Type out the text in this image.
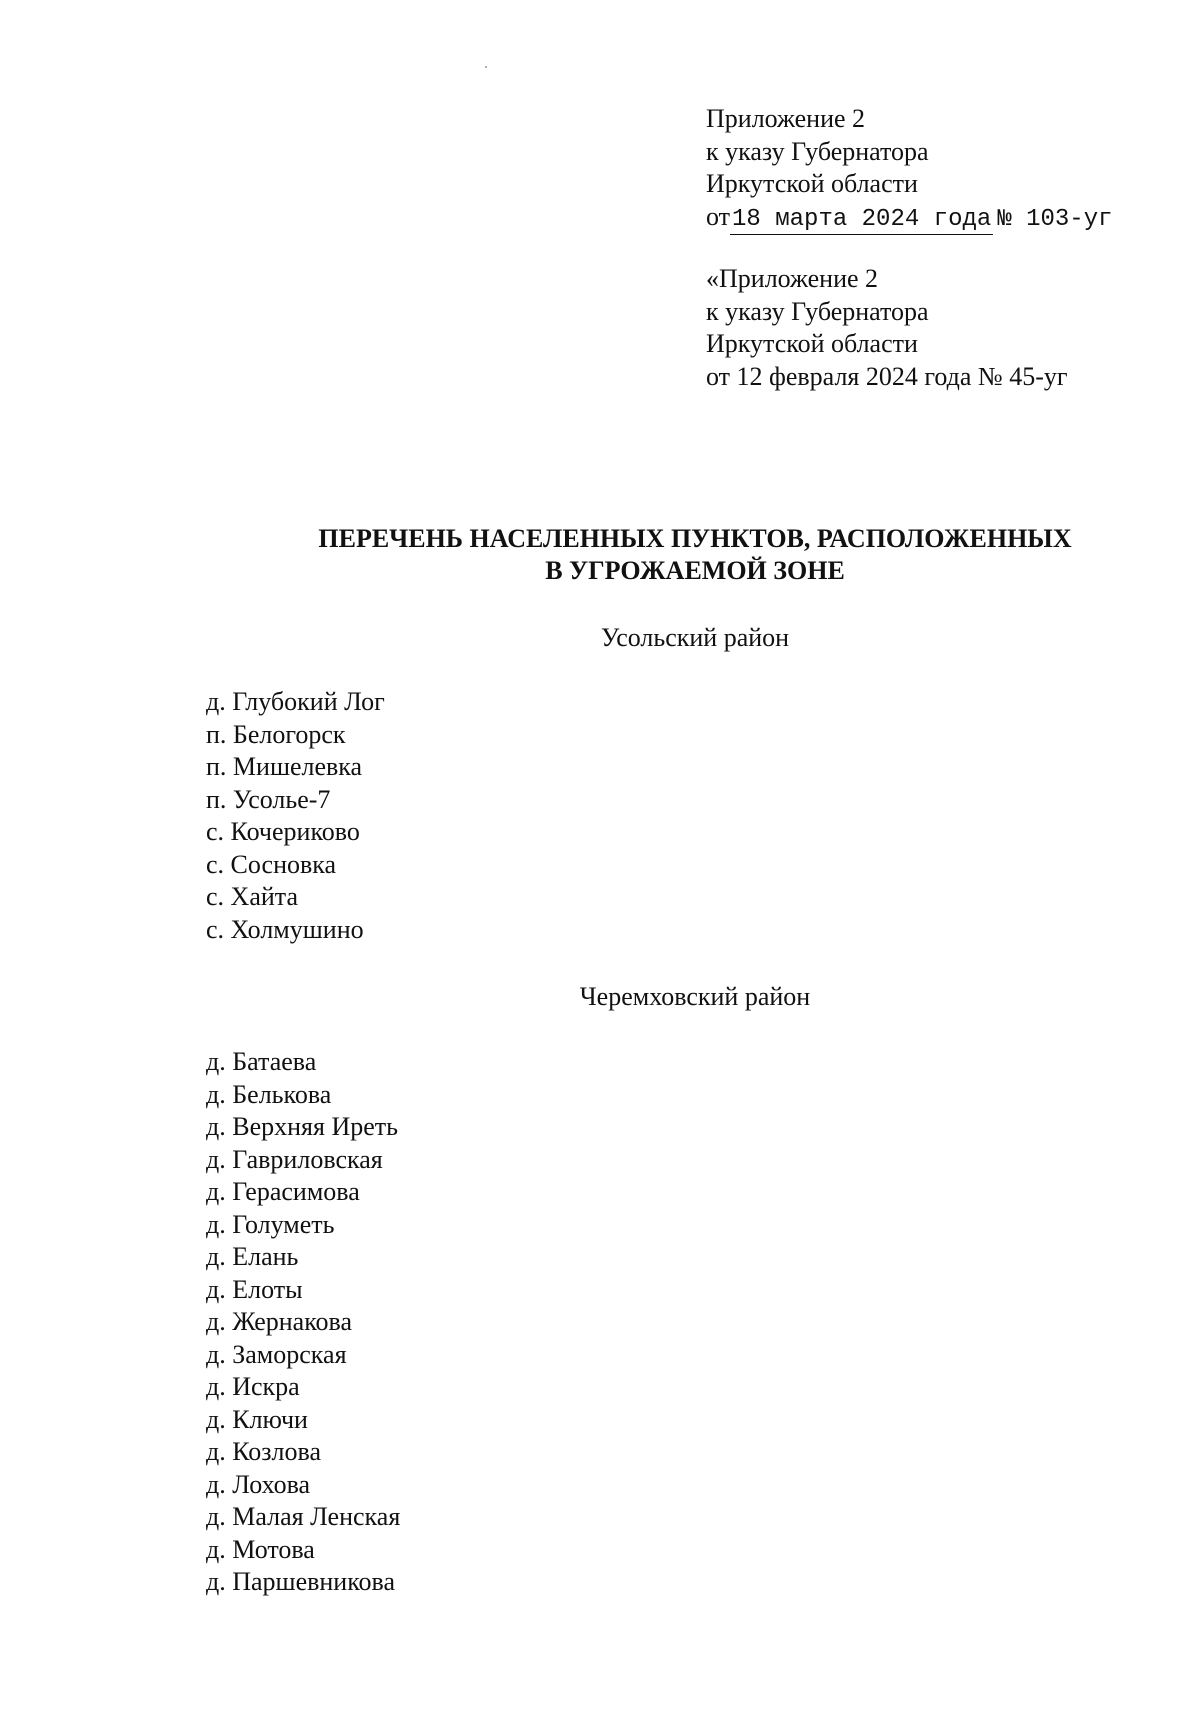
Приложение 2
к указу Губернатора
Иркутской области
от18 марта 2024 года № 103-уг
«Приложение 2
к указу Губернатора
Иркутской области
от 12 февраля 2024 года № 45-уг
ПЕРЕЧЕНЬ НАСЕЛЕННЫХ ПУНКТОВ, РАСПОЛОЖЕННЫХ
В УГРОЖАЕМОЙ ЗОНЕ
Усольский район
д. Глубокий Лог
п. Белогорск
п. Мишелевка
п. Усолье-7
с. Кочериково
с. Сосновка
с. Хайта
с. Холмушино
Черемховский район
д. Батаева
д. Белькова
д. Верхняя Иреть
д. Гавриловская
д. Герасимова
д. Голуметь
д. Елань
д. Елоты
д. Жернакова
д. Заморская
д. Искра
д. Ключи
д. Козлова
д. Лохова
д. Малая Ленская
д. Мотова
д. Паршевникова
